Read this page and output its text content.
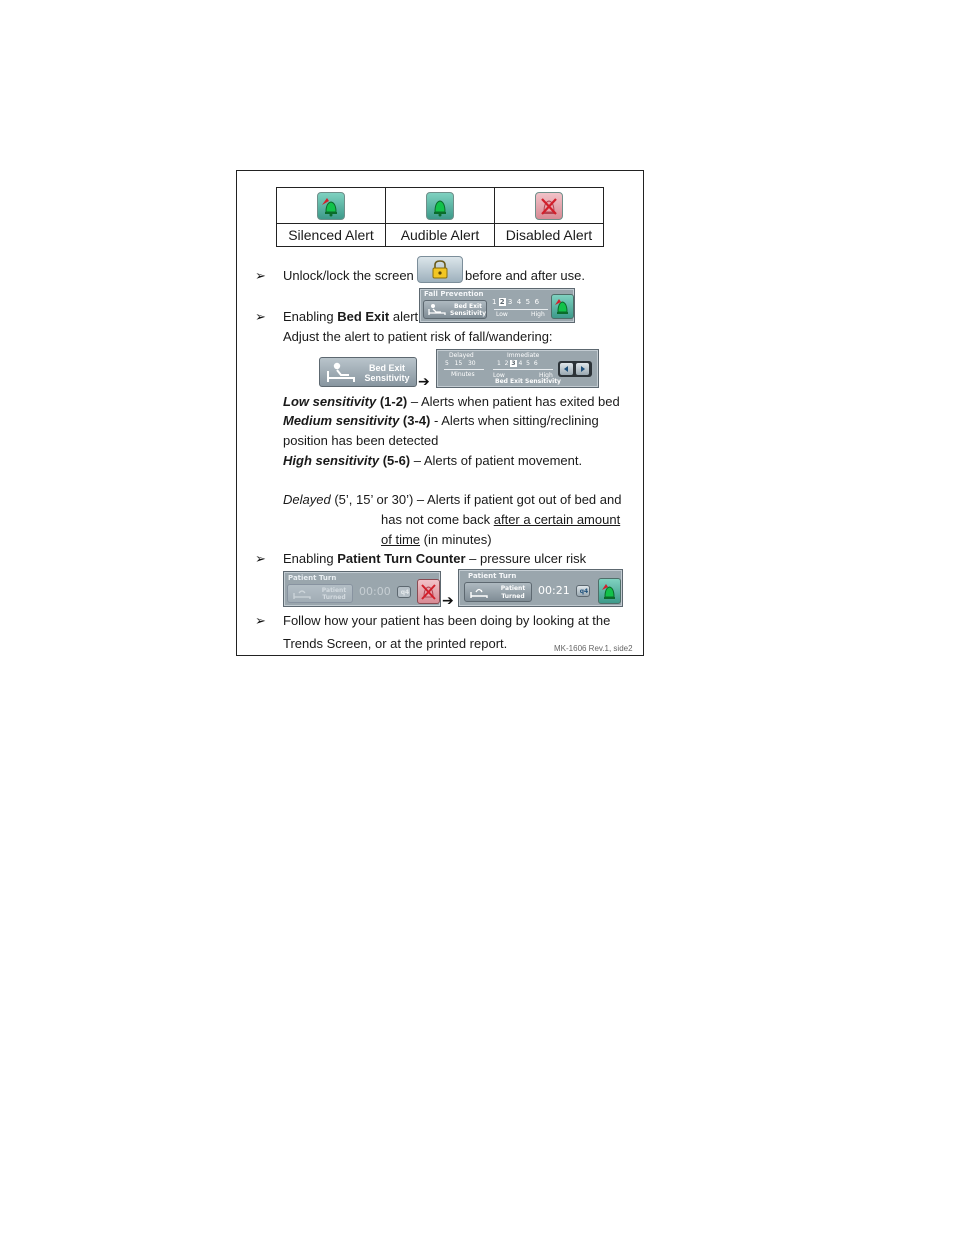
Silenced Alert	Audible Alert	Disabled Alert
➢ Unlock/lock the screen	before and after use.
➢ Enabling Bed Exit alert
Fall Prevention
Bed Exit
Sensitivity
1 2 3 4 5 6
Low	High
Adjust the alert to patient risk of fall/wandering:
Bed Exit
Sensitivity ➔
Delayed	Immediate
5 15 30	1 2 3 4 5 6
Minutes	Low	High
Bed Exit Sensitivity
Low sensitivity (1-2) – Alerts when patient has exited bed
Medium sensitivity (3-4) - Alerts when sitting/reclining
position has been detected
High sensitivity (5-6) – Alerts of patient movement.
Delayed (5’, 15’ or 30’) – Alerts if patient got out of bed and
has not come back after a certain amount
of time (in minutes)
➢ Enabling Patient Turn Counter – pressure ulcer risk
Patient Turn
Patient
Turned	00:00	q4 ➔
Patient Turn
Patient
Turned	00:21	q4
➢ Follow how your patient has been doing by looking at the
Trends Screen, or at the printed report.	MK-1606 Rev.1, side2
